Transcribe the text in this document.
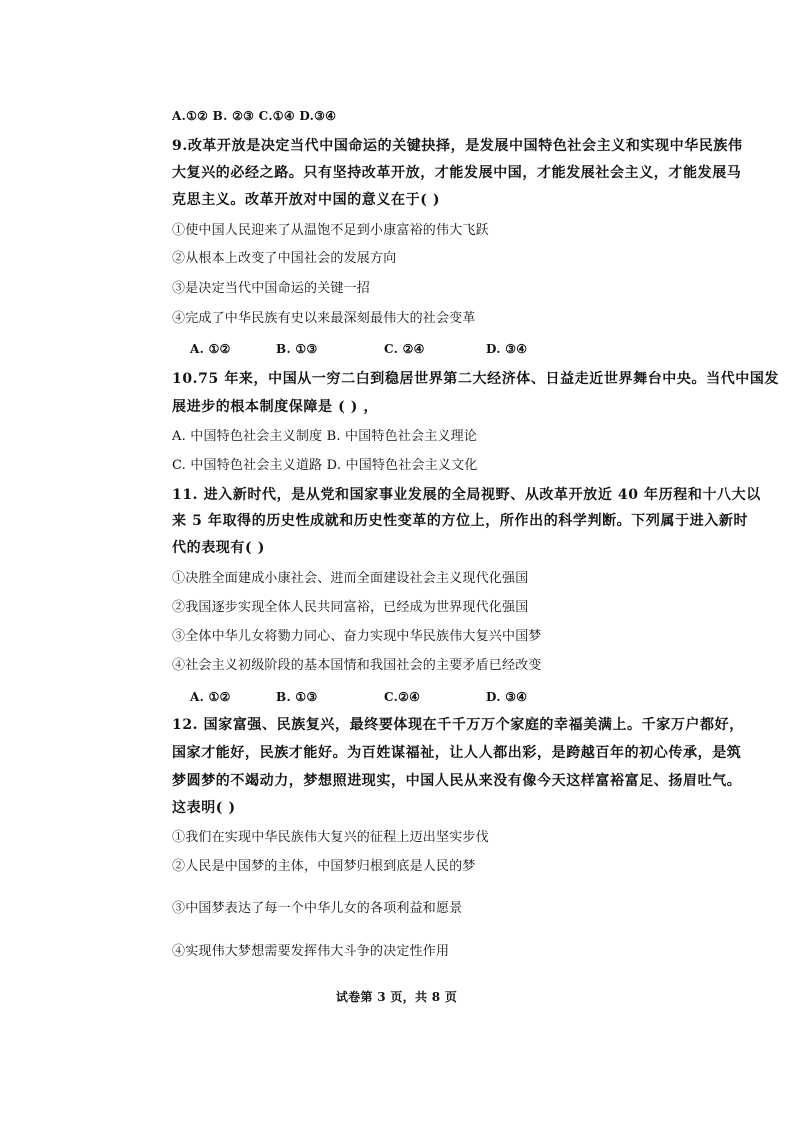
A.①② B. ②③ C.①④ D.③④
9.改革开放是决定当代中国命运的关键抉择，是发展中国特色社会主义和实现中华民族伟
大复兴的必经之路。只有坚持改革开放，才能发展中国，才能发展社会主义，才能发展马
克思主义。改革开放对中国的意义在于( )
①使中国人民迎来了从温饱不足到小康富裕的伟大飞跃
②从根本上改变了中国社会的发展方向
③是决定当代中国命运的关键一招
④完成了中华民族有史以来最深刻最伟大的社会变革
A. ①②	B. ①③	C. ②④	D. ③④
10.75 年来，中国从一穷二白到稳居世界第二大经济体、日益走近世界舞台中央。当代中国发
展进步的根本制度保障是 ( ) ，
A. 中国特色社会主义制度 B. 中国特色社会主义理论
C. 中国特色社会主义道路 D. 中国特色社会主义文化
11. 进入新时代，是从党和国家事业发展的全局视野、从改革开放近 40 年历程和十八大以
来 5 年取得的历史性成就和历史性变革的方位上，所作出的科学判断。下列属于进入新时
代的表现有( )
①决胜全面建成小康社会、进而全面建设社会主义现代化强国
②我国逐步实现全体人民共同富裕，已经成为世界现代化强国
③全体中华儿女将勠力同心、奋力实现中华民族伟大复兴中国梦
④社会主义初级阶段的基本国情和我国社会的主要矛盾已经改变
A. ①②	B. ①③	C.②④	D. ③④
12. 国家富强、民族复兴，最终要体现在千千万万个家庭的幸福美满上。千家万户都好，
国家才能好，民族才能好。为百姓谋福祉，让人人都出彩，是跨越百年的初心传承，是筑
梦圆梦的不竭动力，梦想照进现实，中国人民从来没有像今天这样富裕富足、扬眉吐气。
这表明( )
①我们在实现中华民族伟大复兴的征程上迈出坚实步伐
②人民是中国梦的主体，中国梦归根到底是人民的梦
③中国梦表达了每一个中华儿女的各项利益和愿景
④实现伟大梦想需要发挥伟大斗争的决定性作用
试卷第 3 页，共 8 页
